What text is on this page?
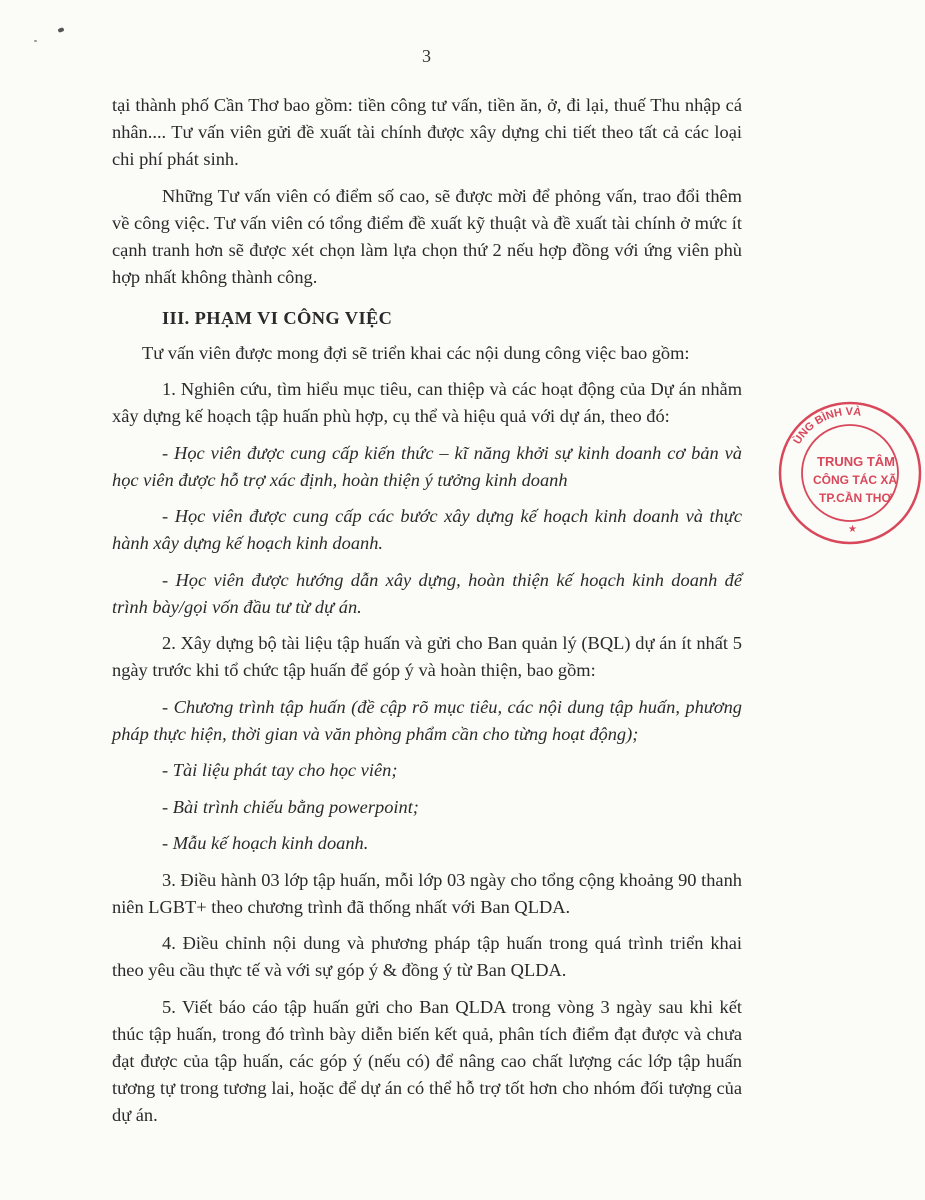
3

tại thành phố Cần Thơ bao gồm: tiền công tư vấn, tiền ăn, ở, đi lại, thuế Thu nhập cá nhân.... Tư vấn viên gửi đề xuất tài chính được xây dựng chi tiết theo tất cả các loại chi phí phát sinh.

Những Tư vấn viên có điểm số cao, sẽ được mời để phỏng vấn, trao đổi thêm về công việc. Tư vấn viên có tổng điểm đề xuất kỹ thuật và đề xuất tài chính ở mức ít cạnh tranh hơn sẽ được xét chọn làm lựa chọn thứ 2 nếu hợp đồng với ứng viên phù hợp nhất không thành công.

III. PHẠM VI CÔNG VIỆC

Tư vấn viên được mong đợi sẽ triển khai các nội dung công việc bao gồm:

1. Nghiên cứu, tìm hiểu mục tiêu, can thiệp và các hoạt động của Dự án nhằm xây dựng kế hoạch tập huấn phù hợp, cụ thể và hiệu quả với dự án, theo đó:

- Học viên được cung cấp kiến thức – kĩ năng khởi sự kinh doanh cơ bản và học viên được hỗ trợ xác định, hoàn thiện ý tưởng kinh doanh

- Học viên được cung cấp các bước xây dựng kế hoạch kinh doanh và thực hành xây dựng kế hoạch kinh doanh.

- Học viên được hướng dẫn xây dựng, hoàn thiện kế hoạch kinh doanh để trình bày/gọi vốn đầu tư từ dự án.

2. Xây dựng bộ tài liệu tập huấn và gửi cho Ban quản lý (BQL) dự án ít nhất 5 ngày trước khi tổ chức tập huấn để góp ý và hoàn thiện, bao gồm:

- Chương trình tập huấn (đề cập rõ mục tiêu, các nội dung tập huấn, phương pháp thực hiện, thời gian và văn phòng phẩm cần cho từng hoạt động);

- Tài liệu phát tay cho học viên;

- Bài trình chiếu bằng powerpoint;

- Mẫu kế hoạch kinh doanh.

3. Điều hành 03 lớp tập huấn, mỗi lớp 03 ngày cho tổng cộng khoảng 90 thanh niên LGBT+ theo chương trình đã thống nhất với Ban QLDA.

4. Điều chỉnh nội dung và phương pháp tập huấn trong quá trình triển khai theo yêu cầu thực tế và với sự góp ý & đồng ý từ Ban QLDA.

5. Viết báo cáo tập huấn gửi cho Ban QLDA trong vòng 3 ngày sau khi kết thúc tập huấn, trong đó trình bày diễn biến kết quả, phân tích điểm đạt được và chưa đạt được của tập huấn, các góp ý (nếu có) để nâng cao chất lượng các lớp tập huấn tương tự trong tương lai, hoặc để dự án có thể hỗ trợ tốt hơn cho nhóm đối tượng của dự án.

ÙNG BÌNH VÀ
TRUNG TÂM
CÔNG TÁC XÃ
TP.CẦN THƠ
★
